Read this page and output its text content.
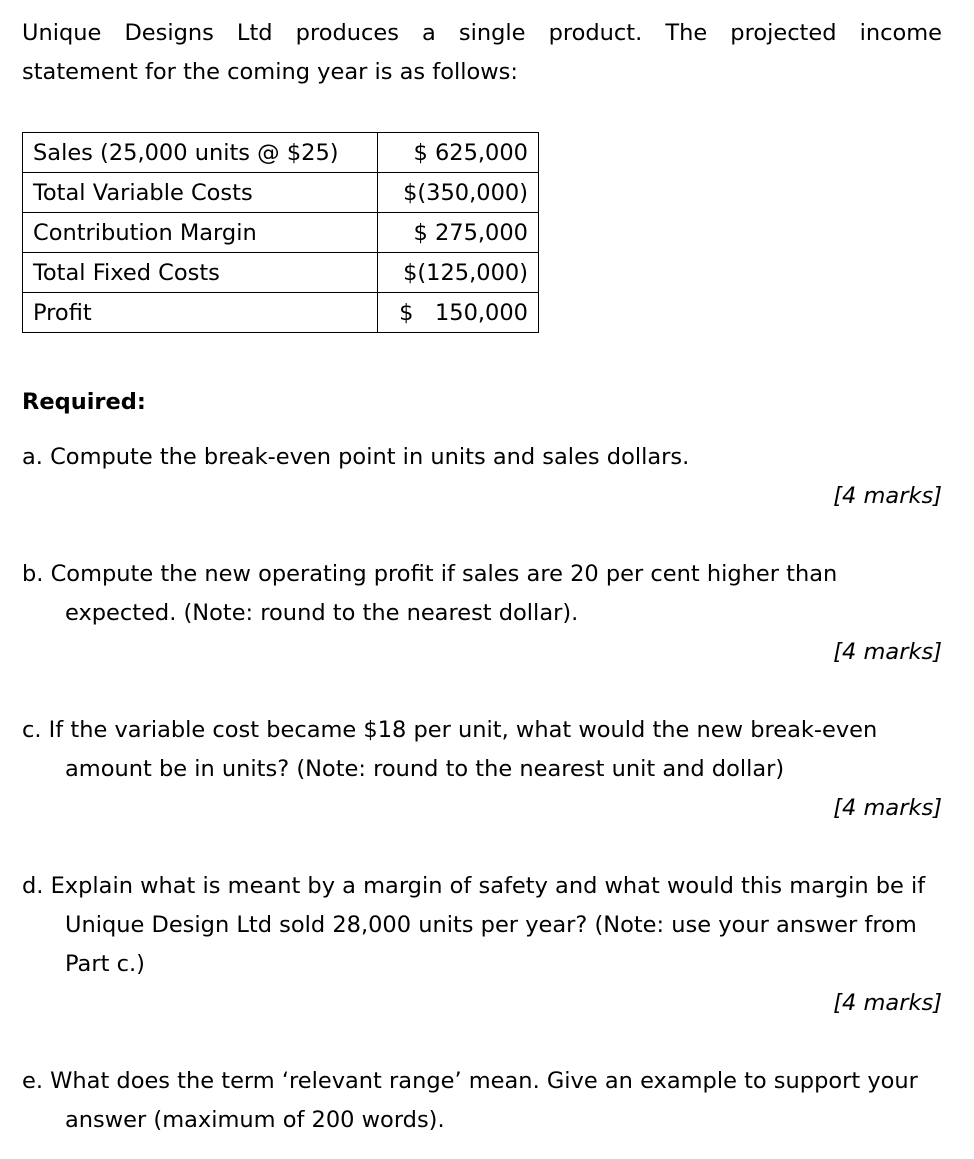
Unique Designs Ltd produces a single product. The projected income
statement for the coming year is as follows:

Sales (25,000 units @ $25)	$ 625,000
Total Variable Costs	$(350,000)
Contribution Margin	$ 275,000
Total Fixed Costs	$(125,000)
Profit	$   150,000

Required:

a. Compute the break-even point in units and sales dollars.
[4 marks]
b. Compute the new operating profit if sales are 20 per cent higher than expected. (Note: round to the nearest dollar).
[4 marks]
c. If the variable cost became $18 per unit, what would the new break-even amount be in units? (Note: round to the nearest unit and dollar)
[4 marks]
d. Explain what is meant by a margin of safety and what would this margin be if Unique Design Ltd sold 28,000 units per year? (Note: use your answer from Part c.)
[4 marks]
e. What does the term ‘relevant range’ mean. Give an example to support your answer (maximum of 200 words).
